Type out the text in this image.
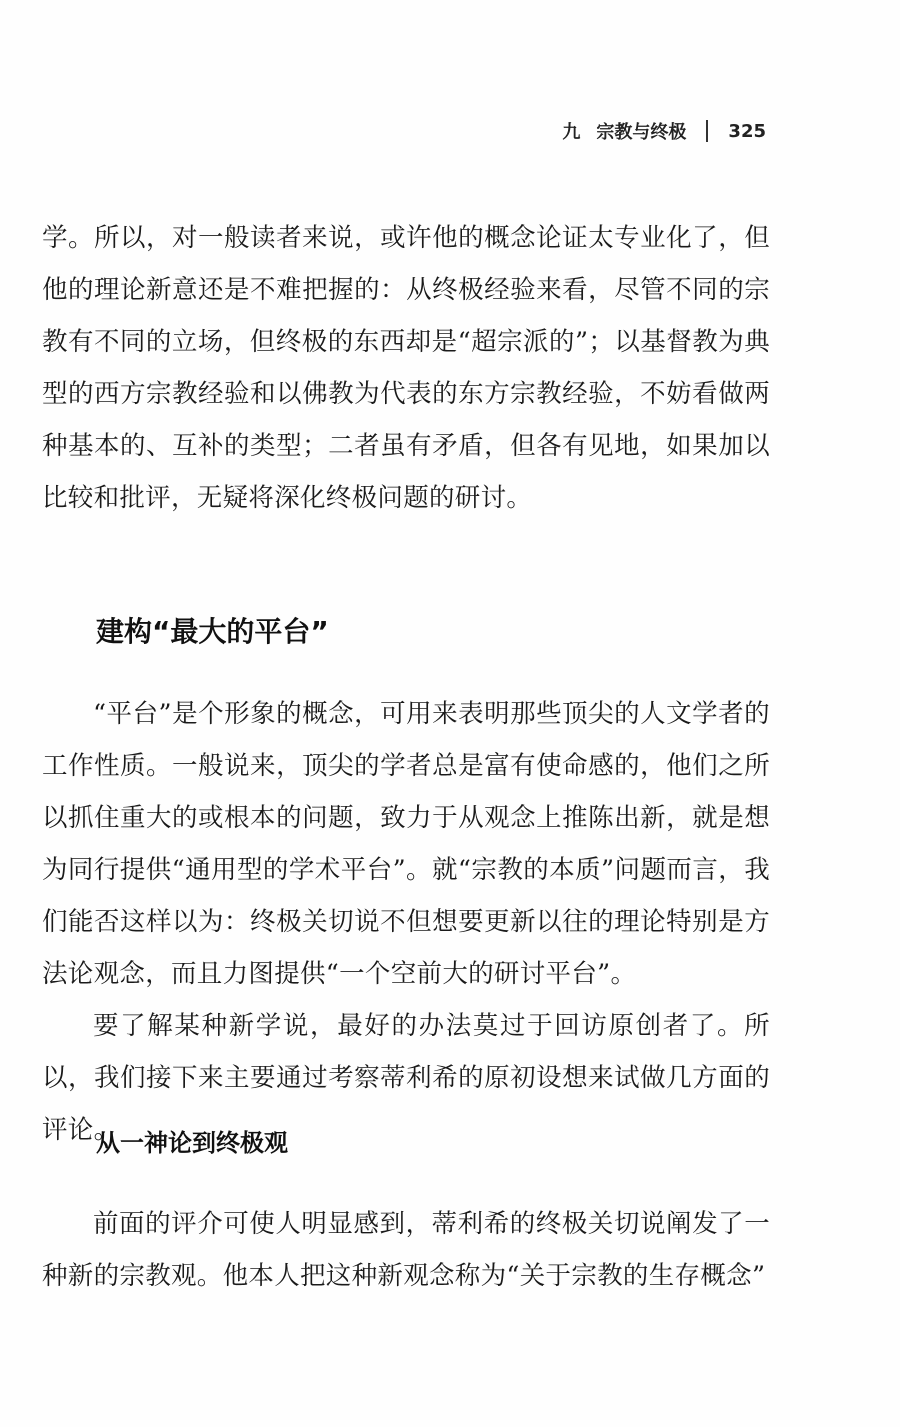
九 宗教与终极 325

学。所以，对一般读者来说，或许他的概念论证太专业化了，但他的理论新意还是不难把握的：从终极经验来看，尽管不同的宗教有不同的立场，但终极的东西却是“超宗派的”；以基督教为典型的西方宗教经验和以佛教为代表的东方宗教经验，不妨看做两种基本的、互补的类型；二者虽有矛盾，但各有见地，如果加以比较和批评，无疑将深化终极问题的研讨。

建构“最大的平台”

“平台”是个形象的概念，可用来表明那些顶尖的人文学者的工作性质。一般说来，顶尖的学者总是富有使命感的，他们之所以抓住重大的或根本的问题，致力于从观念上推陈出新，就是想为同行提供“通用型的学术平台”。就“宗教的本质”问题而言，我们能否这样以为：终极关切说不但想要更新以往的理论特别是方法论观念，而且力图提供“一个空前大的研讨平台”。

要了解某种新学说，最好的办法莫过于回访原创者了。所以，我们接下来主要通过考察蒂利希的原初设想来试做几方面的评论。

从一神论到终极观

前面的评介可使人明显感到，蒂利希的终极关切说阐发了一种新的宗教观。他本人把这种新观念称为“关于宗教的生存概念”
